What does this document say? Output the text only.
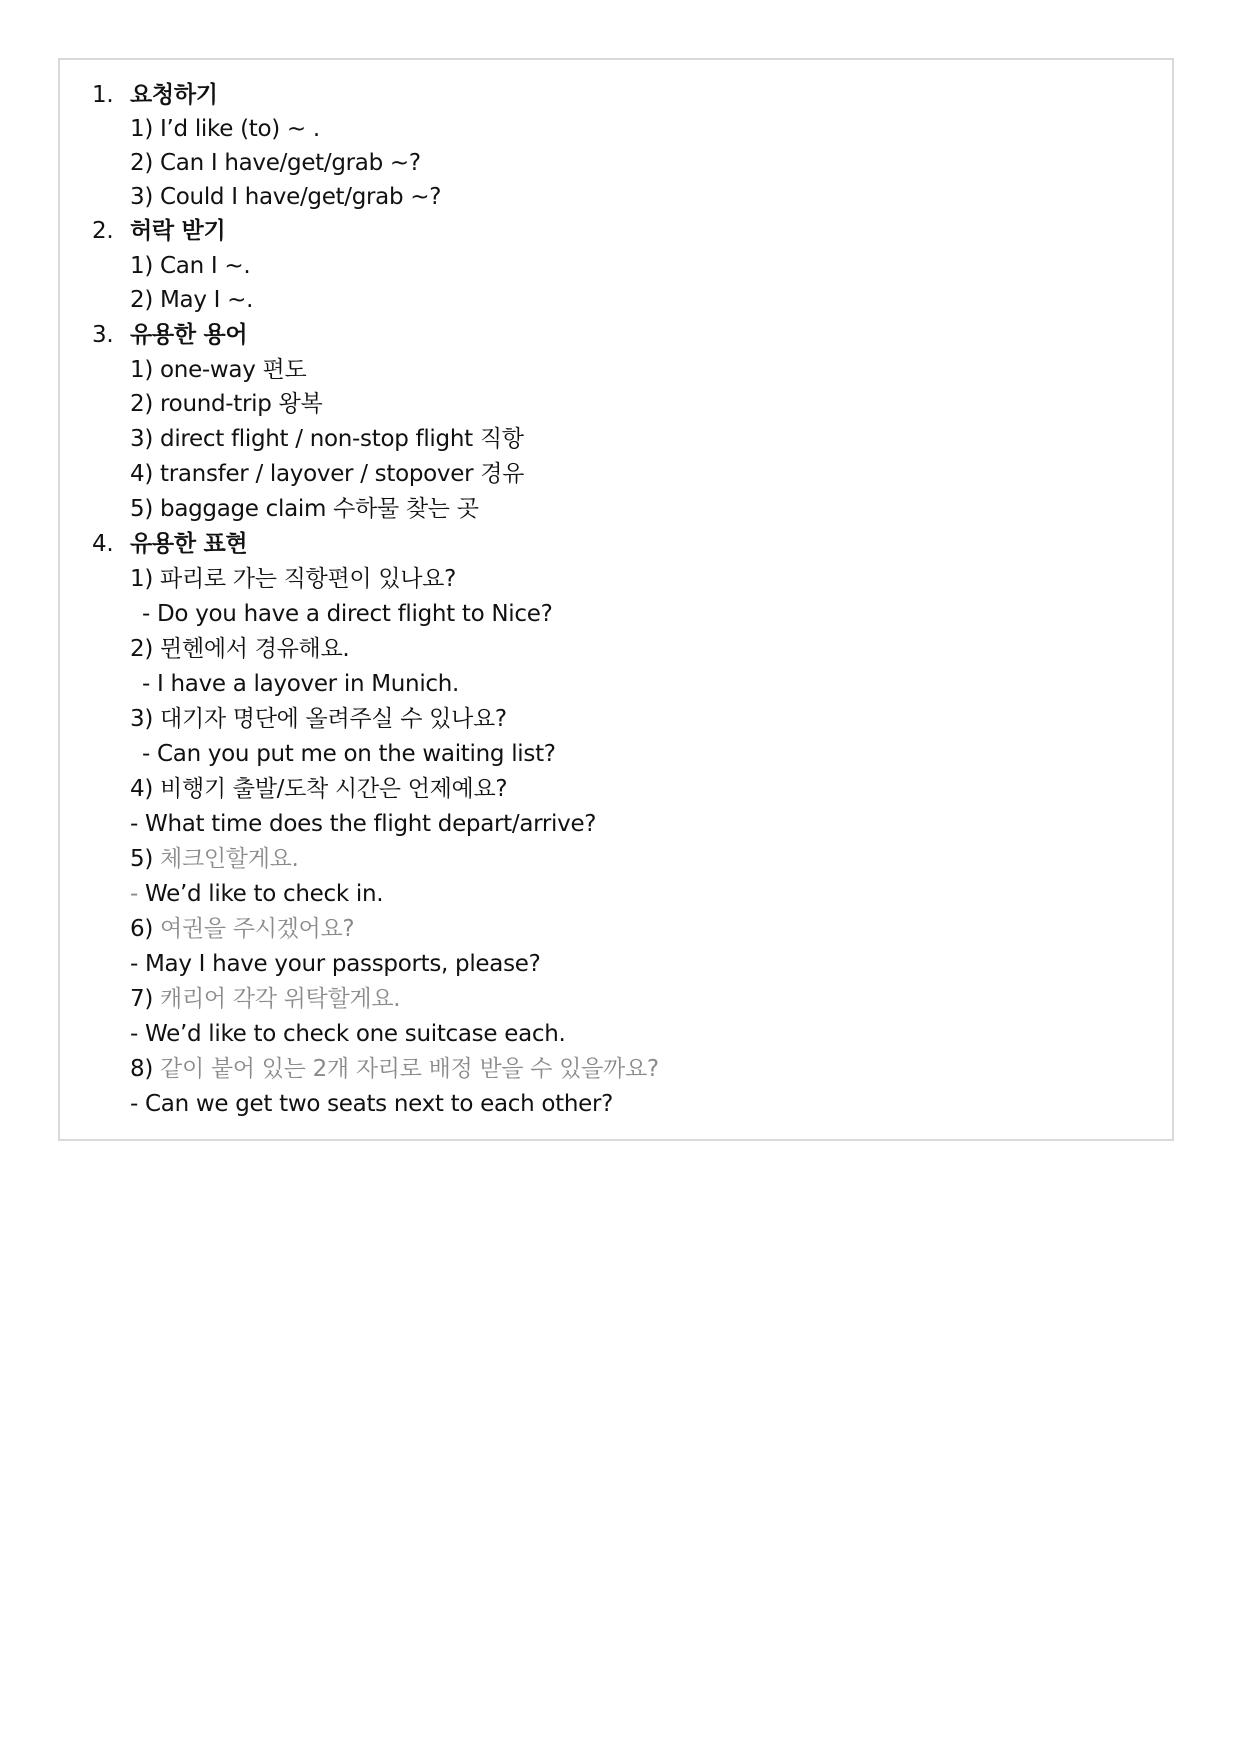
1. 요청하기
1) I’d like (to) ~ .
2) Can I have/get/grab ~?
3) Could I have/get/grab ~?
2. 허락 받기
1) Can I ~.
2) May I ~.
3. 유용한 용어
1) one-way 편도
2) round-trip 왕복
3) direct flight / non-stop flight 직항
4) transfer / layover / stopover 경유
5) baggage claim 수하물 찾는 곳
4. 유용한 표현
1) 파리로 가는 직항편이 있나요?
- Do you have a direct flight to Nice?
2) 뮌헨에서 경유해요.
- I have a layover in Munich.
3) 대기자 명단에 올려주실 수 있나요?
- Can you put me on the waiting list?
4) 비행기 출발/도착 시간은 언제예요?
- What time does the flight depart/arrive?
5) 체크인할게요.
- We’d like to check in.
6) 여권을 주시겠어요?
- May I have your passports, please?
7) 캐리어 각각 위탁할게요.
- We’d like to check one suitcase each.
8) 같이 붙어 있는 2개 자리로 배정 받을 수 있을까요?
- Can we get two seats next to each other?
